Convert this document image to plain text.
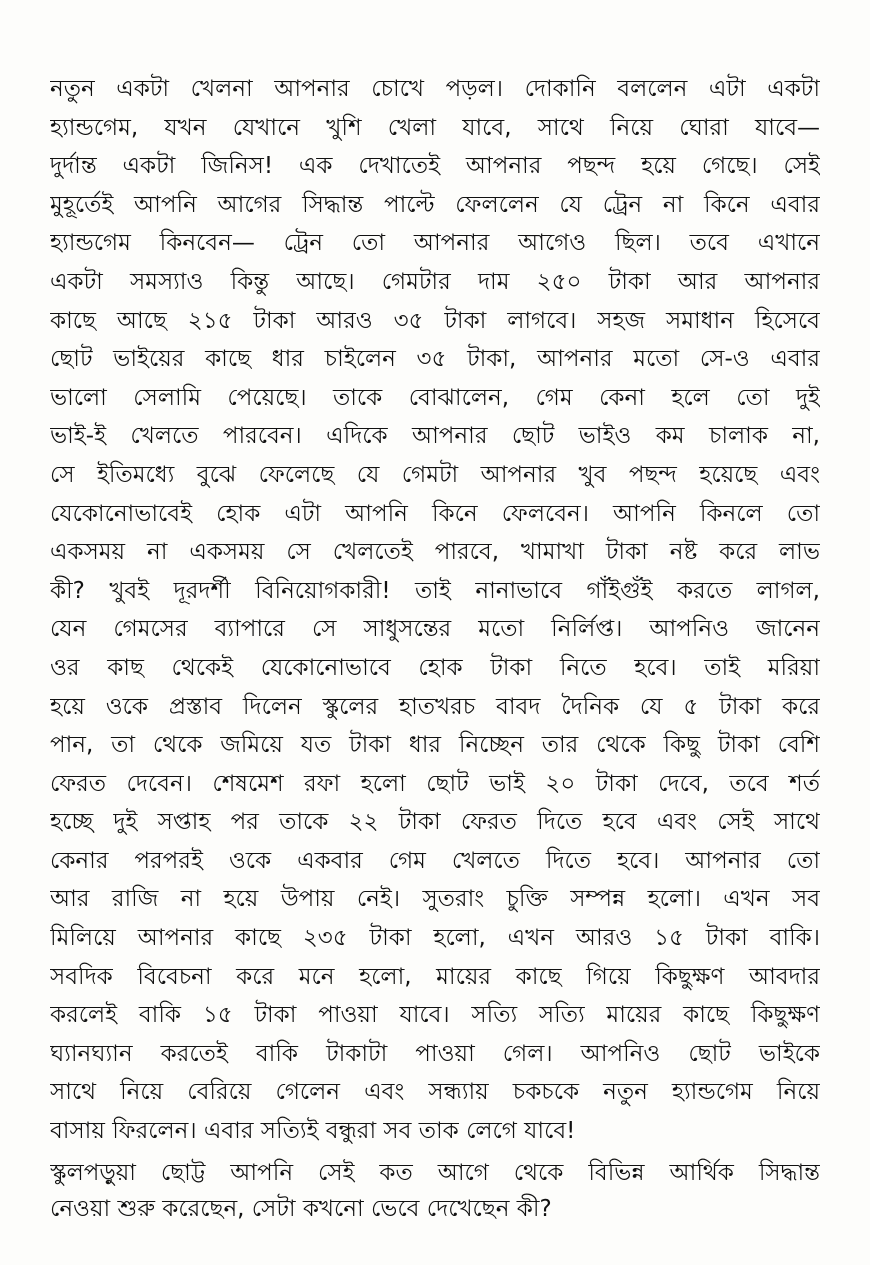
নতুন একটা খেলনা আপনার চোখে পড়ল। দোকানি বললেন এটা একটা
হ্যান্ডগেম, যখন যেখানে খুশি খেলা যাবে, সাথে নিয়ে ঘোরা যাবে—
দুর্দান্ত একটা জিনিস! এক দেখাতেই আপনার পছন্দ হয়ে গেছে। সেই
মুহূর্তেই আপনি আগের সিদ্ধান্ত পাল্টে ফেললেন যে ট্রেন না কিনে এবার
হ্যান্ডগেম কিনবেন— ট্রেন তো আপনার আগেও ছিল। তবে এখানে
একটা সমস্যাও কিন্তু আছে। গেমটার দাম ২৫০ টাকা আর আপনার
কাছে আছে ২১৫ টাকা আরও ৩৫ টাকা লাগবে। সহজ সমাধান হিসেবে
ছোট ভাইয়ের কাছে ধার চাইলেন ৩৫ টাকা, আপনার মতো সে-ও এবার
ভালো সেলামি পেয়েছে। তাকে বোঝালেন, গেম কেনা হলে তো দুই
ভাই-ই খেলতে পারবেন। এদিকে আপনার ছোট ভাইও কম চালাক না,
সে ইতিমধ্যে বুঝে ফেলেছে যে গেমটা আপনার খুব পছন্দ হয়েছে এবং
যেকোনোভাবেই হোক এটা আপনি কিনে ফেলবেন। আপনি কিনলে তো
একসময় না একসময় সে খেলতেই পারবে, খামাখা টাকা নষ্ট করে লাভ
কী? খুবই দূরদর্শী বিনিয়োগকারী! তাই নানাভাবে গাঁইগুঁই করতে লাগল,
যেন গেমসের ব্যাপারে সে সাধুসন্তের মতো নির্লিপ্ত। আপনিও জানেন
ওর কাছ থেকেই যেকোনোভাবে হোক টাকা নিতে হবে। তাই মরিয়া
হয়ে ওকে প্রস্তাব দিলেন স্কুলের হাতখরচ বাবদ দৈনিক যে ৫ টাকা করে
পান, তা থেকে জমিয়ে যত টাকা ধার নিচ্ছেন তার থেকে কিছু টাকা বেশি
ফেরত দেবেন। শেষমেশ রফা হলো ছোট ভাই ২০ টাকা দেবে, তবে শর্ত
হচ্ছে দুই সপ্তাহ পর তাকে ২২ টাকা ফেরত দিতে হবে এবং সেই সাথে
কেনার পরপরই ওকে একবার গেম খেলতে দিতে হবে। আপনার তো
আর রাজি না হয়ে উপায় নেই। সুতরাং চুক্তি সম্পন্ন হলো। এখন সব
মিলিয়ে আপনার কাছে ২৩৫ টাকা হলো, এখন আরও ১৫ টাকা বাকি।
সবদিক বিবেচনা করে মনে হলো, মায়ের কাছে গিয়ে কিছুক্ষণ আবদার
করলেই বাকি ১৫ টাকা পাওয়া যাবে। সত্যি সত্যি মায়ের কাছে কিছুক্ষণ
ঘ্যানঘ্যান করতেই বাকি টাকাটা পাওয়া গেল। আপনিও ছোট ভাইকে
সাথে নিয়ে বেরিয়ে গেলেন এবং সন্ধ্যায় চকচকে নতুন হ্যান্ডগেম নিয়ে
বাসায় ফিরলেন। এবার সত্যিই বন্ধুরা সব তাক লেগে যাবে!
স্কুলপড়ুয়া ছোট্ট আপনি সেই কত আগে থেকে বিভিন্ন আর্থিক সিদ্ধান্ত
নেওয়া শুরু করেছেন, সেটা কখনো ভেবে দেখেছেন কী?
